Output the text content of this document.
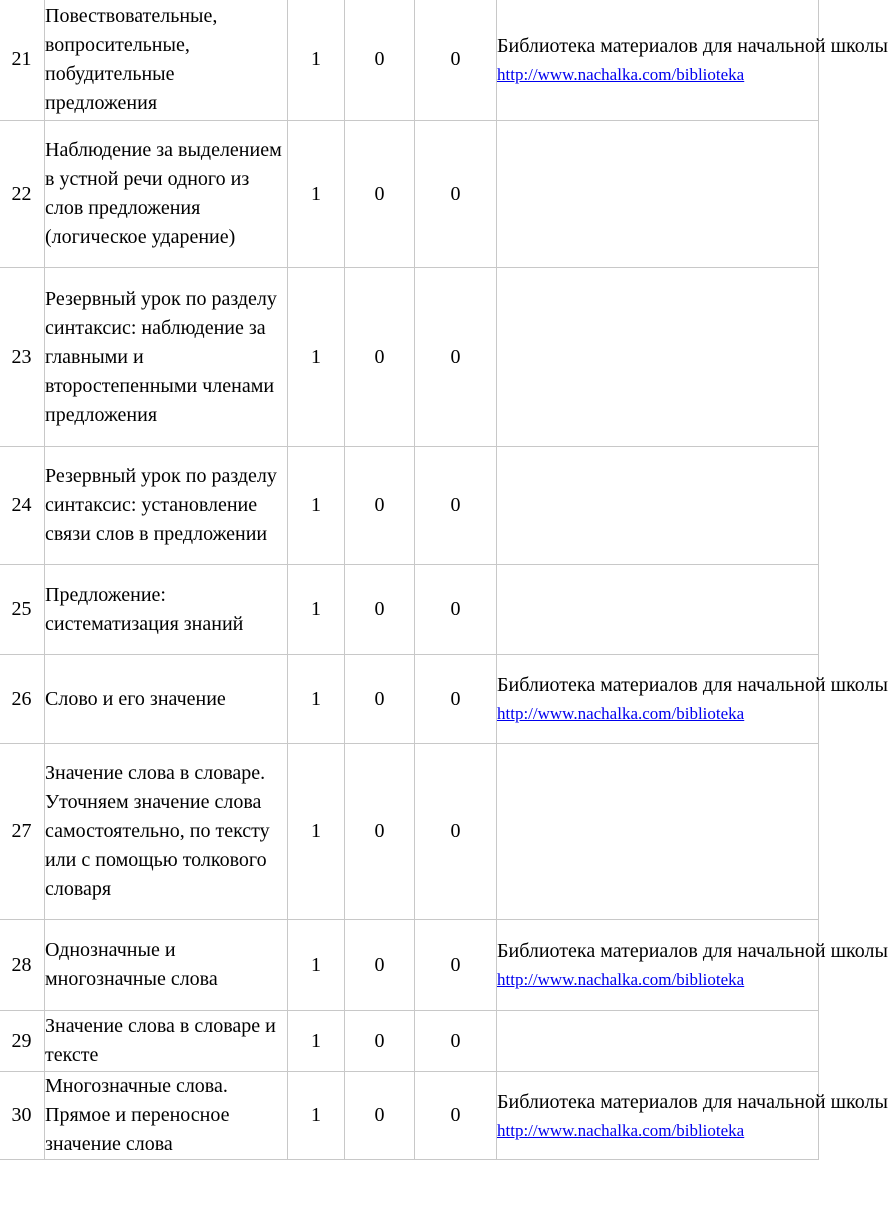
21	Повествовательные, вопросительные, побудительные предложения	1	0	0	Библиотека материалов для начальной школы
http://www.nachalka.com/biblioteka

22	Наблюдение за выделением в устной речи одного из слов предложения (логическое ударение)	1	0	0	
23	Резервный урок по разделу синтаксис: наблюдение за главными и второстепенными членами предложения	1	0	0	
24	Резервный урок по разделу синтаксис: установление связи слов в предложении	1	0	0	
25	Предложение: систематизация знаний	1	0	0	
26	Слово и его значение	1	0	0	Библиотека материалов для начальной школы
http://www.nachalka.com/biblioteka

27	Значение слова в словаре. Уточняем значение слова самостоятельно, по тексту или с помощью толкового словаря	1	0	0	
28	Однозначные и многозначные слова	1	0	0	Библиотека материалов для начальной школы
http://www.nachalka.com/biblioteka

29	Значение слова в словаре и тексте	1	0	0	
30	Многозначные слова. Прямое и переносное значение слова	1	0	0	Библиотека материалов для начальной школы
http://www.nachalka.com/biblioteka
